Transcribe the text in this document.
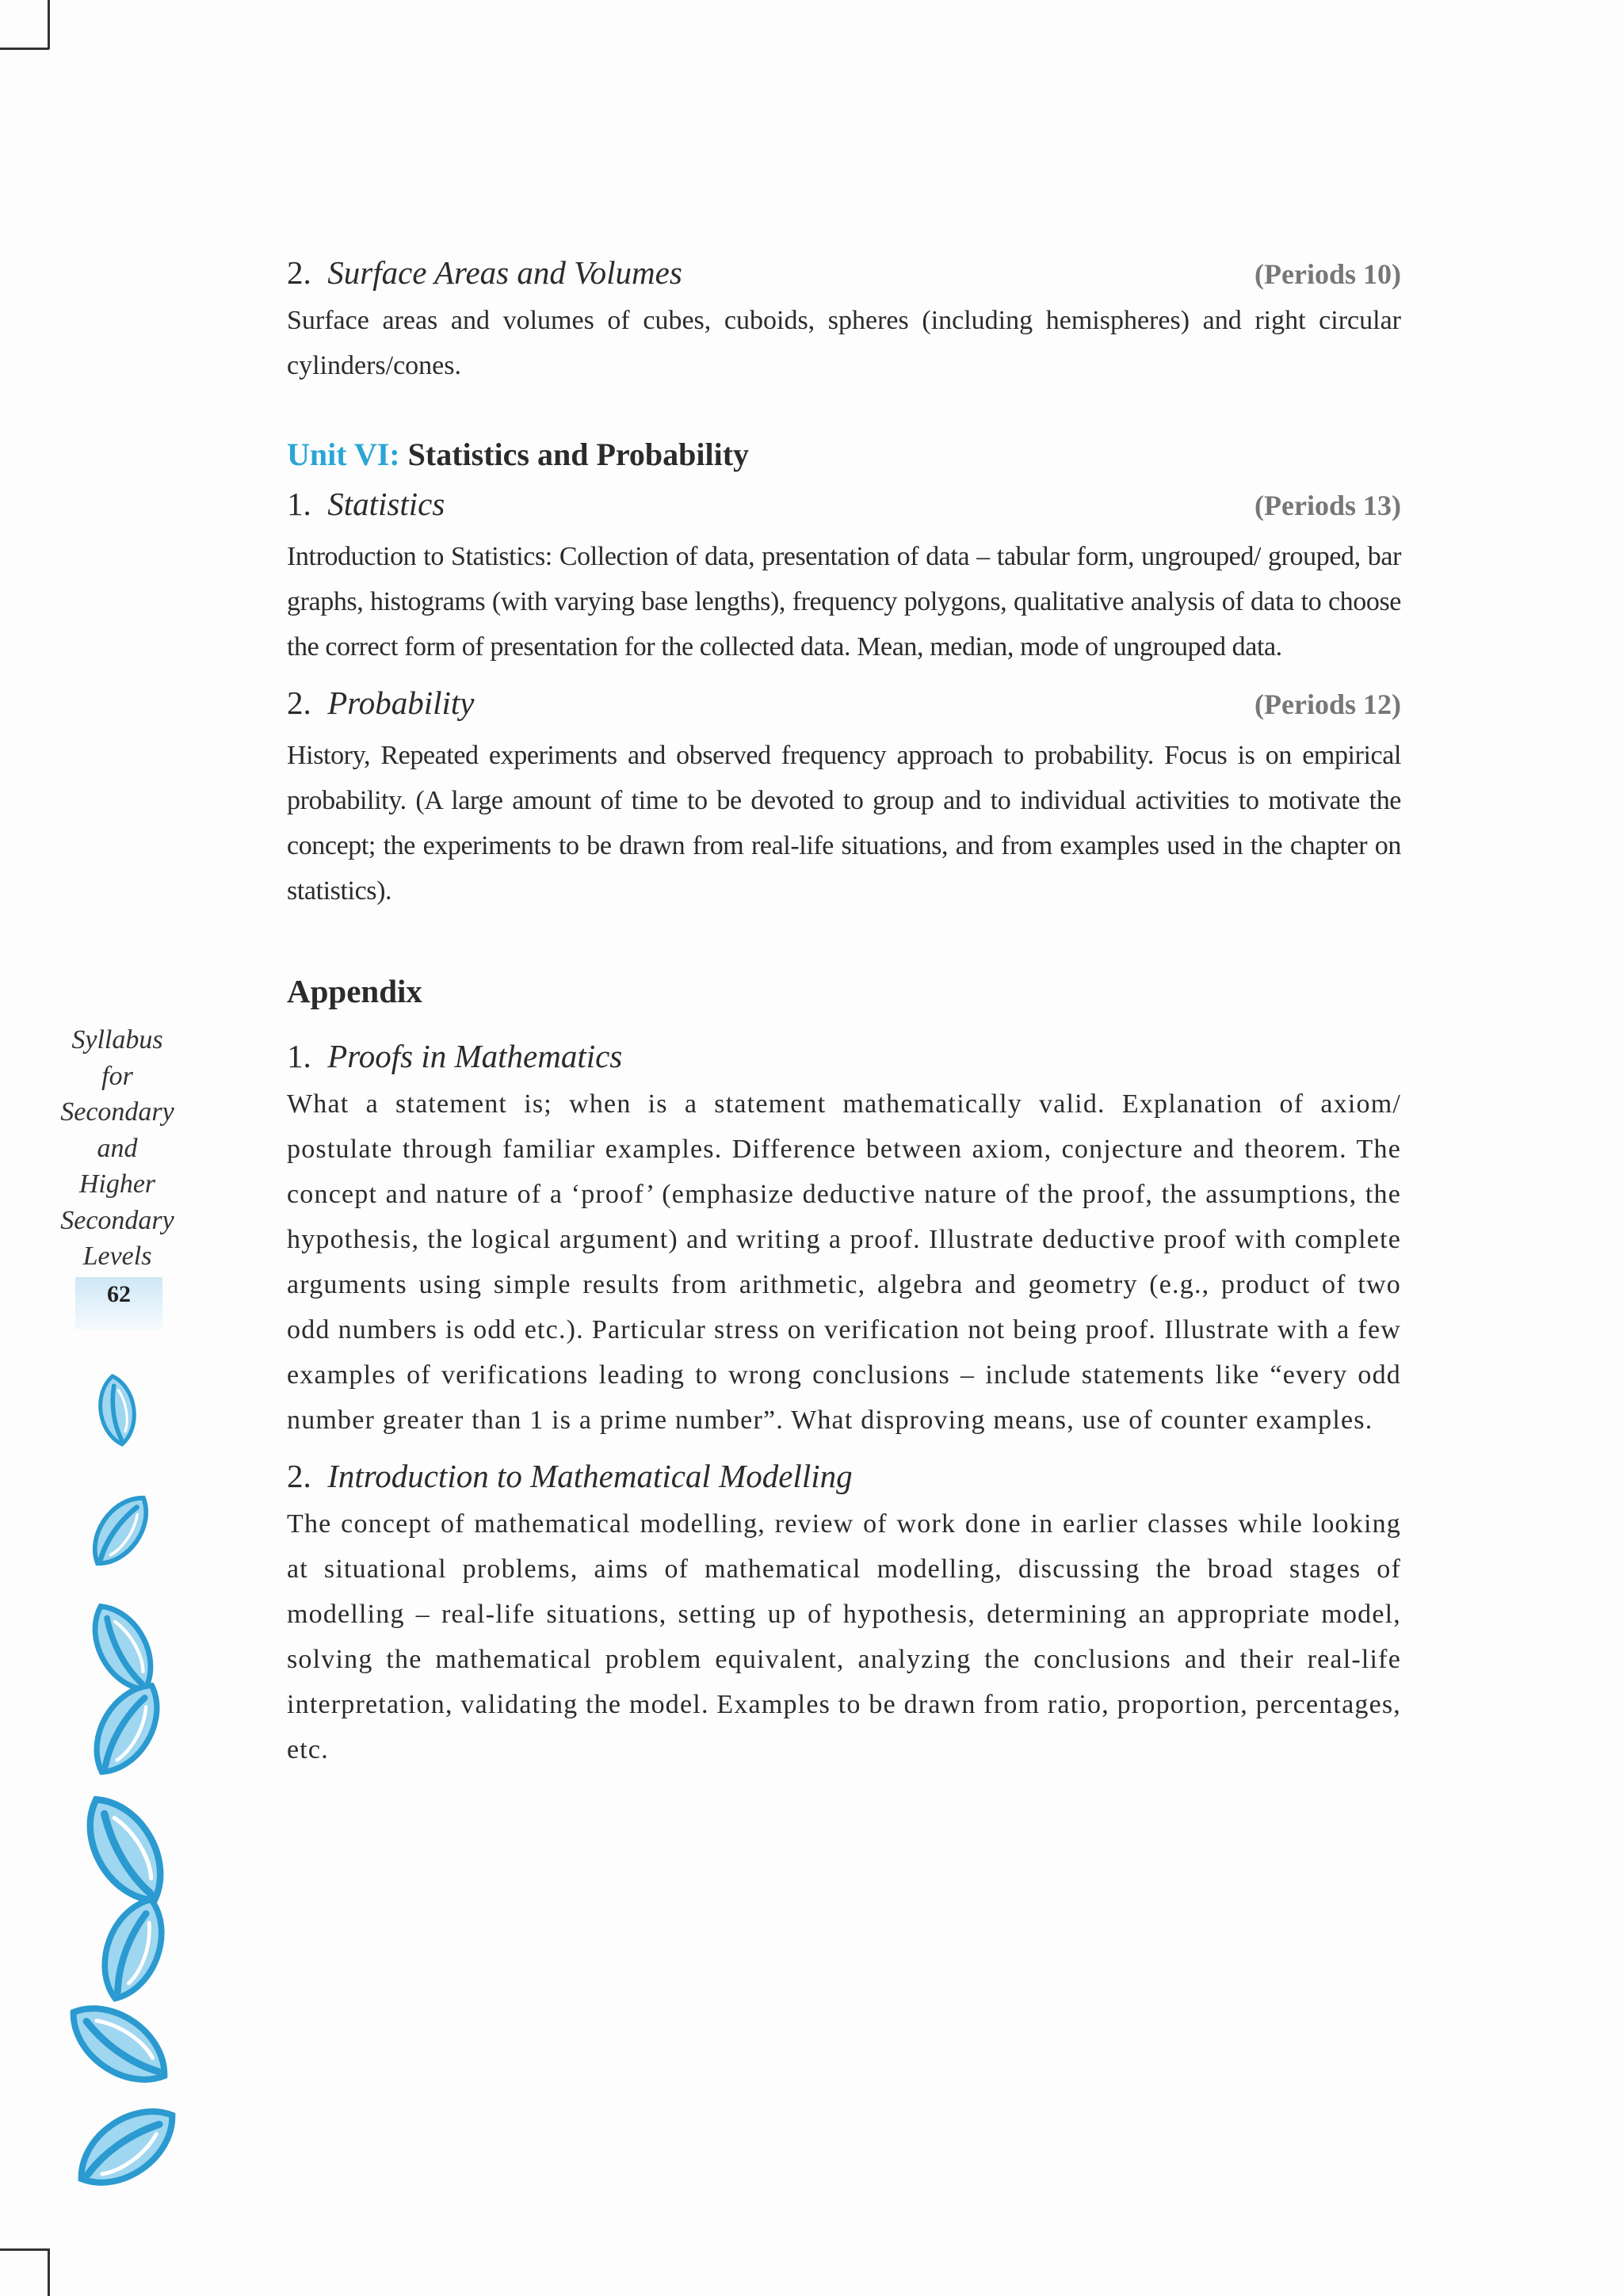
2. Surface Areas and Volumes	(Periods 10)

Surface areas and volumes of cubes, cuboids, spheres (including hemispheres) and right circular cylinders/cones.

Unit VI: Statistics and Probability
1. Statistics	(Periods 13)

Introduction to Statistics: Collection of data, presentation of data – tabular form, ungrouped/ grouped, bar graphs, histograms (with varying base lengths), frequency polygons, qualitative analysis of data to choose the correct form of presentation for the collected data. Mean, median, mode of ungrouped data.

2. Probability	(Periods 12)

History, Repeated experiments and observed frequency approach to probability. Focus is on empirical probability. (A large amount of time to be devoted to group and to individual activities to motivate the concept; the experiments to be drawn from real-life situations, and from examples used in the chapter on statistics).

Appendix
1. Proofs in Mathematics

What a statement is; when is a statement mathematically valid. Explanation of axiom/ postulate through familiar examples. Difference between axiom, conjecture and theorem. The concept and nature of a ‘proof’ (emphasize deductive nature of the proof, the assumptions, the hypothesis, the logical argument) and writing a proof. Illustrate deductive proof with complete arguments using simple results from arithmetic, algebra and geometry (e.g., product of two odd numbers is odd etc.). Particular stress on verification not being proof. Illustrate with a few examples of verifications leading to wrong conclusions – include statements like “every odd number greater than 1 is a prime number”. What disproving means, use of counter examples.

2. Introduction to Mathematical Modelling

The concept of mathematical modelling, review of work done in earlier classes while looking at situational problems, aims of mathematical modelling, discussing the broad stages of modelling – real-life situations, setting up of hypothesis, determining an appropriate model, solving the mathematical problem equivalent, analyzing the conclusions and their real-life interpretation, validating the model. Examples to be drawn from ratio, proportion, percentages, etc.

Syllabus
for
Secondary
and
Higher
Secondary
Levels
62
